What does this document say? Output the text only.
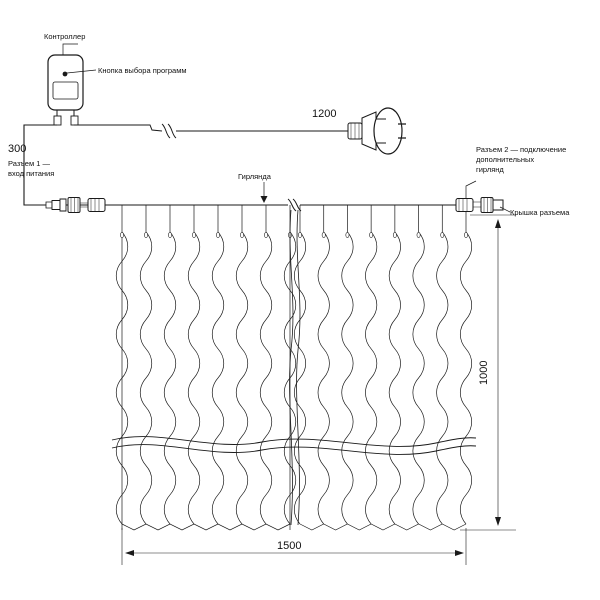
Контроллер
Кнопка выбора программ
300
Разъем 1 —
вход питания
1200
Гирлянда
Разъем 2 — подключение
дополнительных
гирлянд
Крышка разъема
1000
1500
